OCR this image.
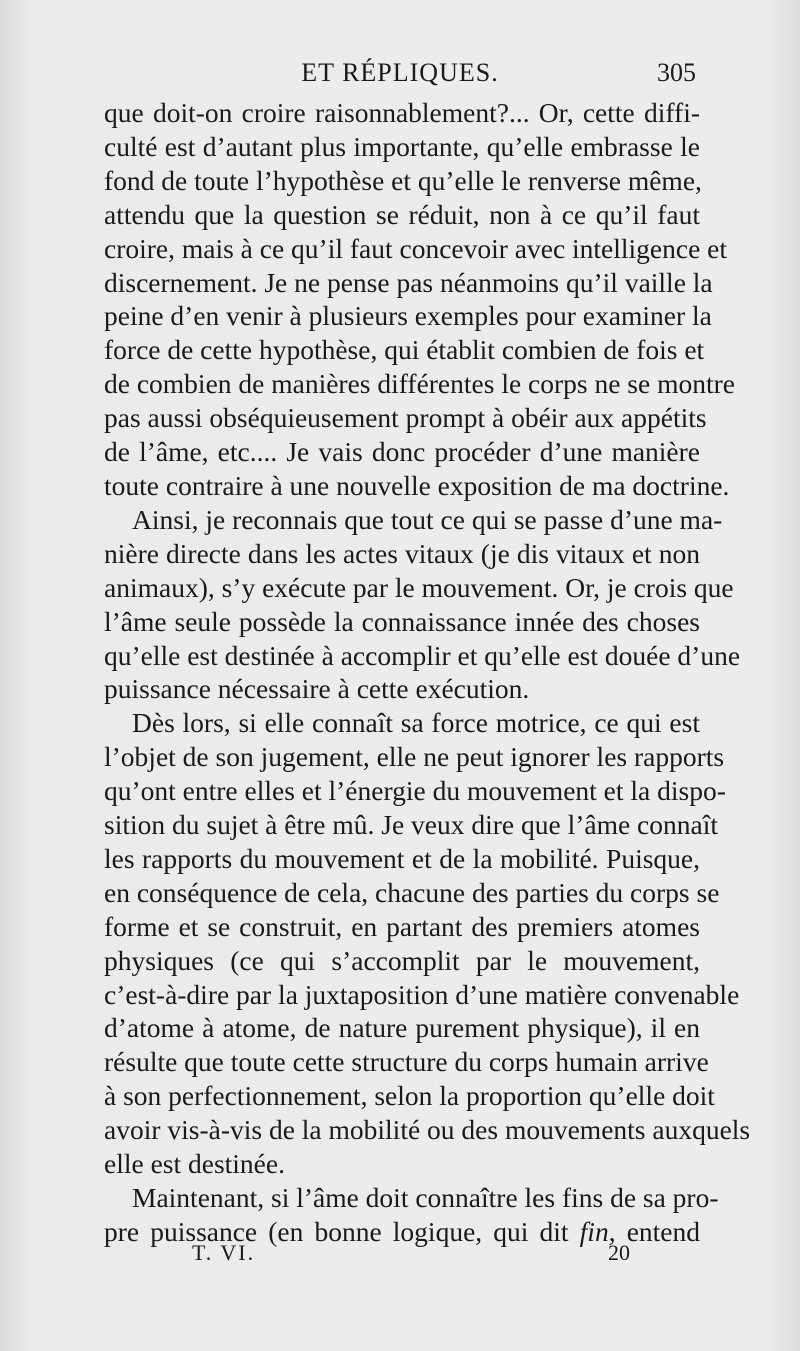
ET RÉPLIQUES.	305

que doit-on croire raisonnablement?... Or, cette diffi-
culté est d’autant plus importante, qu’elle embrasse le
fond de toute l’hypothèse et qu’elle le renverse même,
attendu que la question se réduit, non à ce qu’il faut
croire, mais à ce qu’il faut concevoir avec intelligence et
discernement. Je ne pense pas néanmoins qu’il vaille la
peine d’en venir à plusieurs exemples pour examiner la
force de cette hypothèse, qui établit combien de fois et
de combien de manières différentes le corps ne se montre
pas aussi obséquieusement prompt à obéir aux appétits
de l’âme, etc.... Je vais donc procéder d’une manière
toute contraire à une nouvelle exposition de ma doctrine.

Ainsi, je reconnais que tout ce qui se passe d’une ma-
nière directe dans les actes vitaux (je dis vitaux et non
animaux), s’y exécute par le mouvement. Or, je crois que
l’âme seule possède la connaissance innée des choses
qu’elle est destinée à accomplir et qu’elle est douée d’une
puissance nécessaire à cette exécution.

Dès lors, si elle connaît sa force motrice, ce qui est
l’objet de son jugement, elle ne peut ignorer les rapports
qu’ont entre elles et l’énergie du mouvement et la dispo-
sition du sujet à être mû. Je veux dire que l’âme connaît
les rapports du mouvement et de la mobilité. Puisque,
en conséquence de cela, chacune des parties du corps se
forme et se construit, en partant des premiers atomes
physiques (ce qui s’accomplit par le mouvement,
c’est-à-dire par la juxtaposition d’une matière convenable
d’atome à atome, de nature purement physique), il en
résulte que toute cette structure du corps humain arrive
à son perfectionnement, selon la proportion qu’elle doit
avoir vis-à-vis de la mobilité ou des mouvements auxquels
elle est destinée.

Maintenant, si l’âme doit connaître les fins de sa pro-
pre puissance (en bonne logique, qui dit fin, entend

T. VI.	20
